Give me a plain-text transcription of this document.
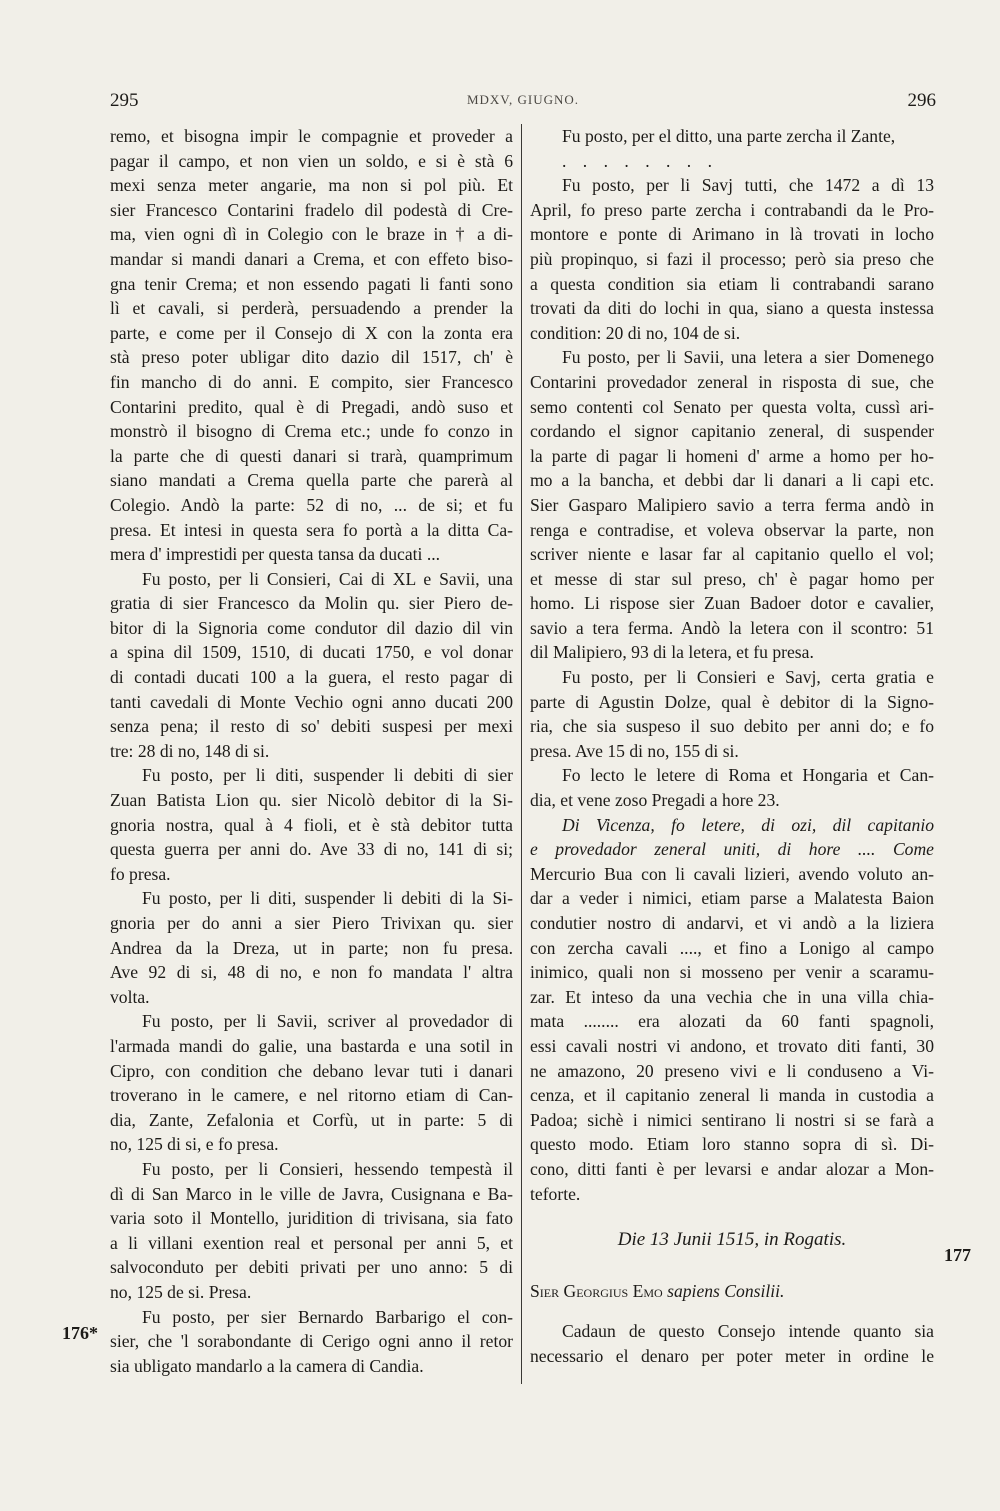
295	MDXV, GIUGNO.	296
176*
177
remo, et bisogna impir le compagnie et proveder a
pagar il campo, et non vien un soldo, e si è stà 6
mexi senza meter angarie, ma non si pol più. Et
sier Francesco Contarini fradelo dil podestà di Cre-
ma, vien ogni dì in Colegio con le braze in † a di-
mandar si mandi danari a Crema, et con effeto biso-
gna tenir Crema; et non essendo pagati li fanti sono
lì et cavali, si perderà, persuadendo a prender la
parte, e come per il Consejo di X con la zonta era
stà preso poter ubligar dito dazio dil 1517, ch' è
fin mancho di do anni. E compito, sier Francesco
Contarini predito, qual è di Pregadi, andò suso et
monstrò il bisogno di Crema etc.; unde fo conzo in
la parte che di questi danari si trarà, quamprimum
siano mandati a Crema quella parte che parerà al
Colegio. Andò la parte: 52 di no, ... de si; et fu
presa. Et intesi in questa sera fo portà a la ditta Ca-
mera d' imprestidi per questa tansa da ducati ...
Fu posto, per li Consieri, Cai di XL e Savii, una
gratia di sier Francesco da Molin qu. sier Piero de-
bitor di la Signoria come condutor dil dazio dil vin
a spina dil 1509, 1510, di ducati 1750, e vol donar
di contadi ducati 100 a la guera, el resto pagar di
tanti cavedali di Monte Vechio ogni anno ducati 200
senza pena; il resto di so' debiti suspesi per mexi
tre: 28 di no, 148 di si.
Fu posto, per li diti, suspender li debiti di sier
Zuan Batista Lion qu. sier Nicolò debitor di la Si-
gnoria nostra, qual à 4 fioli, et è stà debitor tutta
questa guerra per anni do. Ave 33 di no, 141 di si;
fo presa.
Fu posto, per li diti, suspender li debiti di la Si-
gnoria per do anni a sier Piero Trivixan qu. sier
Andrea da la Dreza, ut in parte; non fu presa.
Ave 92 di si, 48 di no, e non fo mandata l' altra
volta.
Fu posto, per li Savii, scriver al provedador di
l'armada mandi do galie, una bastarda e una sotil in
Cipro, con condition che debano levar tuti i danari
troverano in le camere, e nel ritorno etiam di Can-
dia, Zante, Zefalonia et Corfù, ut in parte: 5 di
no, 125 di si, e fo presa.
Fu posto, per li Consieri, hessendo tempestà il
dì di San Marco in le ville de Javra, Cusignana e Ba-
varia soto il Montello, juridition di trivisana, sia fato
a li villani exention real et personal per anni 5, et
salvoconduto per debiti privati per uno anno: 5 di
no, 125 de si. Presa.
Fu posto, per sier Bernardo Barbarigo el con-
sier, che 'l sorabondante di Cerigo ogni anno il retor
sia ubligato mandarlo a la camera di Candia.
Fu posto, per el ditto, una parte zercha il Zante,
. . . . . . . .
Fu posto, per li Savj tutti, che 1472 a dì 13
April, fo preso parte zercha i contrabandi da le Pro-
montore e ponte di Arimano in là trovati in locho
più propinquo, si fazi il processo; però sia preso che
a questa condition sia etiam li contrabandi sarano
trovati da diti do lochi in qua, siano a questa instessa
condition: 20 di no, 104 de si.
Fu posto, per li Savii, una letera a sier Domenego
Contarini provedador zeneral in risposta di sue, che
semo contenti col Senato per questa volta, cussì ari-
cordando el signor capitanio zeneral, di suspender
la parte di pagar li homeni d' arme a homo per ho-
mo a la bancha, et debbi dar li danari a li capi etc.
Sier Gasparo Malipiero savio a terra ferma andò in
renga e contradise, et voleva observar la parte, non
scriver niente e lasar far al capitanio quello el vol;
et messe di star sul preso, ch' è pagar homo per
homo. Li rispose sier Zuan Badoer dotor e cavalier,
savio a tera ferma. Andò la letera con il scontro: 51
dil Malipiero, 93 di la letera, et fu presa.
Fu posto, per li Consieri e Savj, certa gratia e
parte di Agustin Dolze, qual è debitor di la Signo-
ria, che sia suspeso il suo debito per anni do; e fo
presa. Ave 15 di no, 155 di si.
Fo lecto le letere di Roma et Hongaria et Can-
dia, et vene zoso Pregadi a hore 23.
Di Vicenza, fo letere, di ozi, dil capitanio
e provedador zeneral uniti, di hore .... Come
Mercurio Bua con li cavali lizieri, avendo voluto an-
dar a veder i nimici, etiam parse a Malatesta Baion
condutier nostro di andarvi, et vi andò a la liziera
con zercha cavali ...., et fino a Lonigo al campo
inimico, quali non si mosseno per venir a scaramu-
zar. Et inteso da una vechia che in una villa chia-
mata ........ era alozati da 60 fanti spagnoli,
essi cavali nostri vi andono, et trovato diti fanti, 30
ne amazono, 20 preseno vivi e li conduseno a Vi-
cenza, et il capitanio zeneral li manda in custodia a
Padoa; sichè i nimici sentirano li nostri si se farà a
questo modo. Etiam loro stanno sopra di sì. Di-
cono, ditti fanti è per levarsi e andar alozar a Mon-
teforte.
Die 13 Junii 1515, in Rogatis.
Sier Georgius Emo sapiens Consilii.
Cadaun de questo Consejo intende quanto sia
necessario el denaro per poter meter in ordine le
